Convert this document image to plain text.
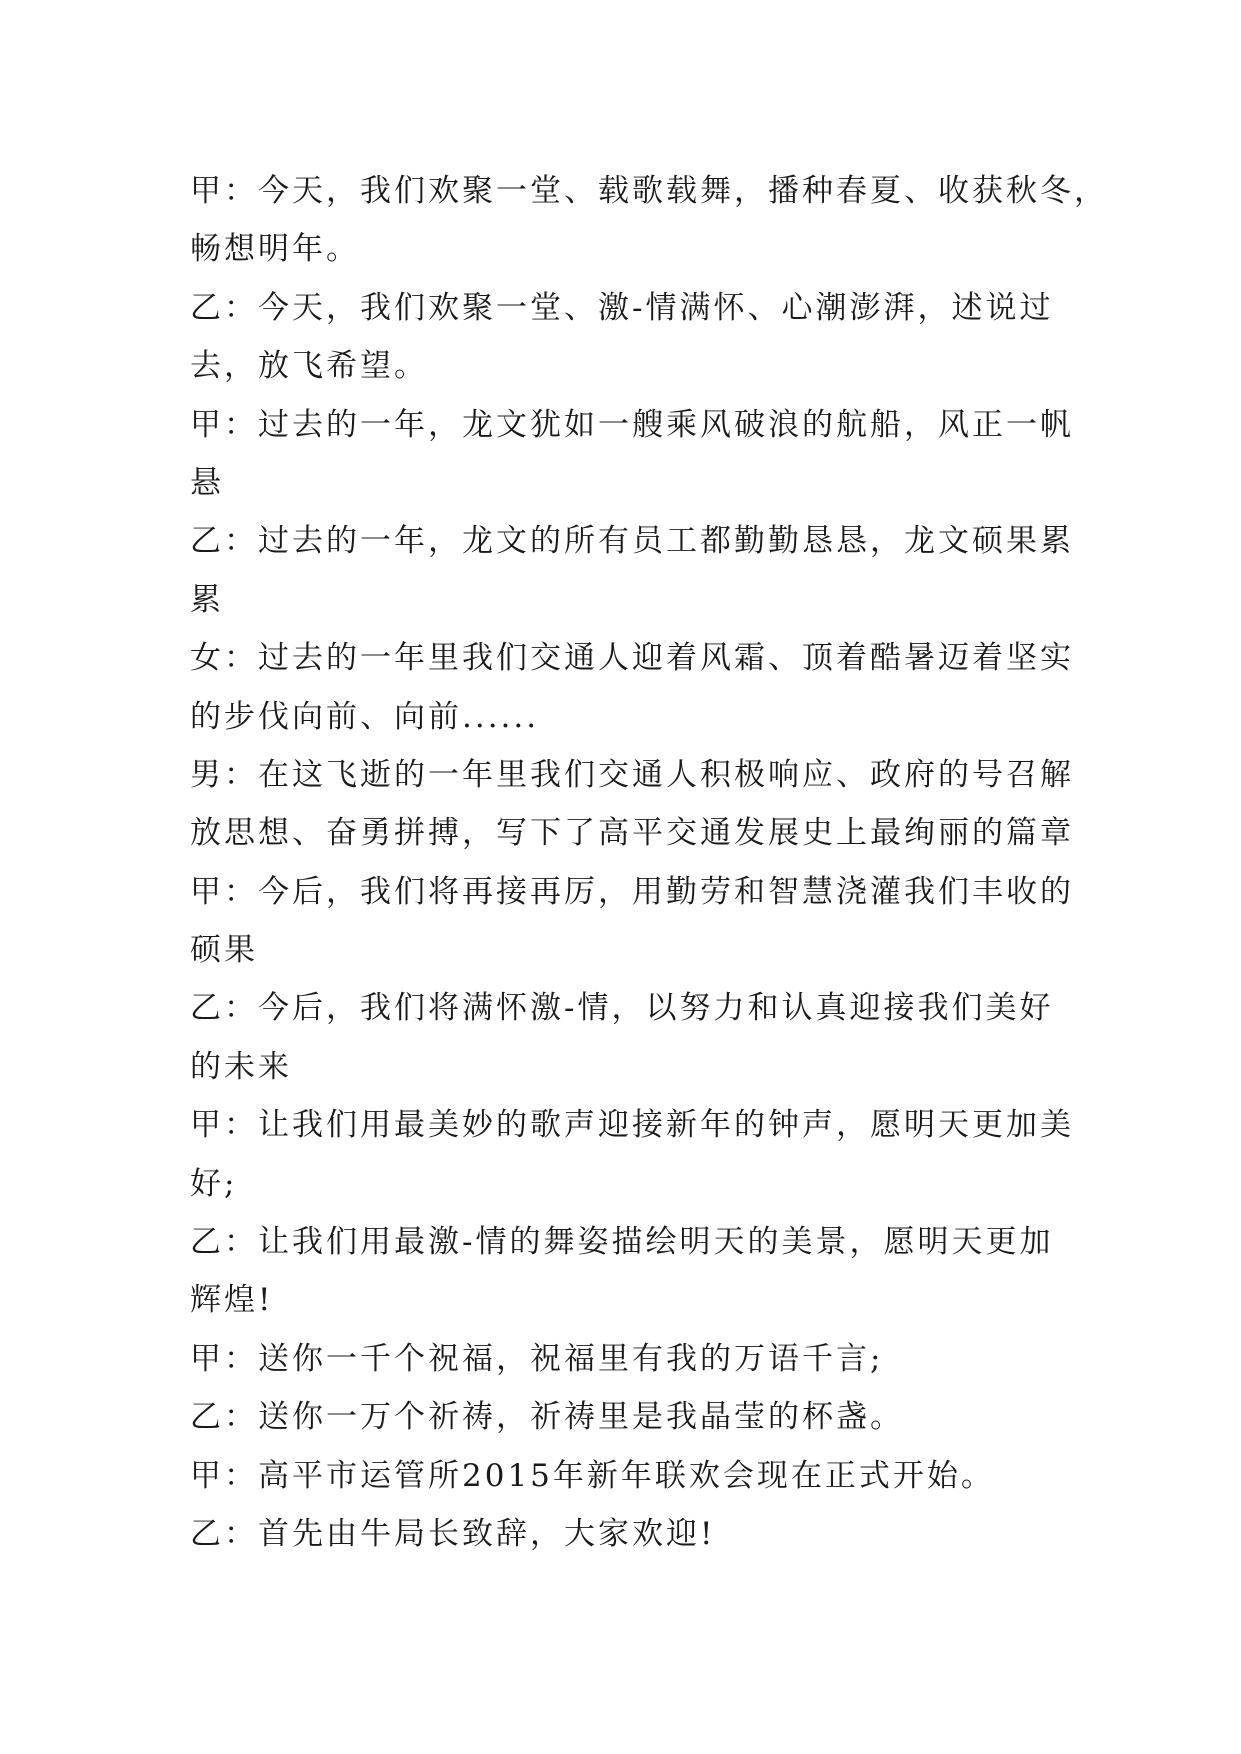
甲：今天，我们欢聚一堂、载歌载舞，播种春夏、收获秋冬，

畅想明年。

乙：今天，我们欢聚一堂、激-情满怀、心潮澎湃，述说过

去，放飞希望。

甲：过去的一年，龙文犹如一艘乘风破浪的航船，风正一帆

悬

乙：过去的一年，龙文的所有员工都勤勤恳恳，龙文硕果累

累

女：过去的一年里我们交通人迎着风霜、顶着酷暑迈着坚实

的步伐向前、向前......

男：在这飞逝的一年里我们交通人积极响应、政府的号召解

放思想、奋勇拼搏，写下了高平交通发展史上最绚丽的篇章

甲：今后，我们将再接再厉，用勤劳和智慧浇灌我们丰收的

硕果

乙：今后，我们将满怀激-情，以努力和认真迎接我们美好

的未来

甲：让我们用最美妙的歌声迎接新年的钟声，愿明天更加美

好;

乙：让我们用最激-情的舞姿描绘明天的美景，愿明天更加

辉煌!

甲：送你一千个祝福，祝福里有我的万语千言;

乙：送你一万个祈祷，祈祷里是我晶莹的杯盏。

甲：高平市运管所2015年新年联欢会现在正式开始。

乙：首先由牛局长致辞，大家欢迎!
